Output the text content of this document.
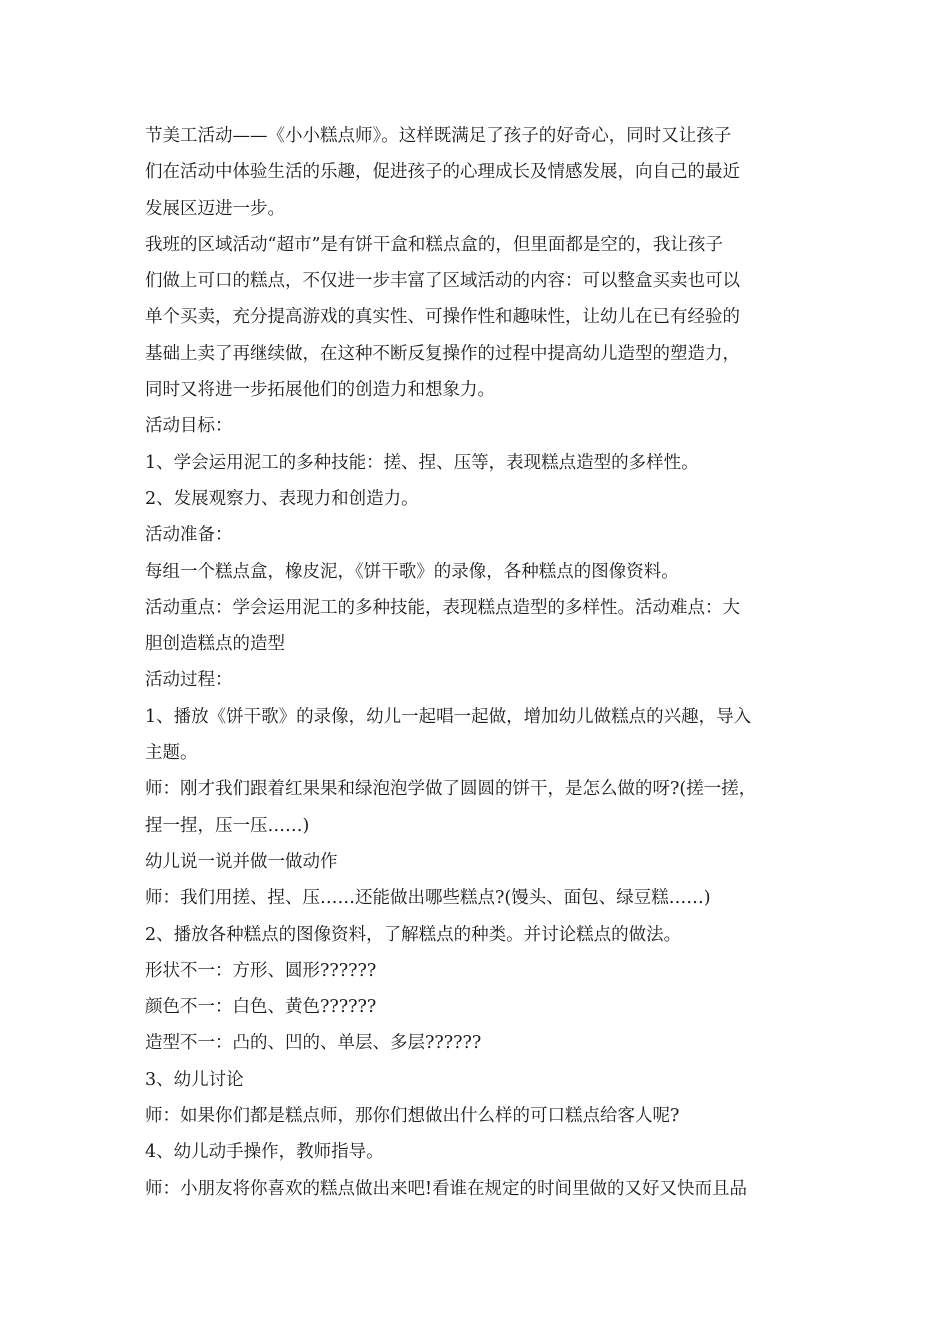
节美工活动——《小小糕点师》。这样既满足了孩子的好奇心，同时又让孩子
们在活动中体验生活的乐趣，促进孩子的心理成长及情感发展，向自己的最近
发展区迈进一步。
我班的区域活动“超市”是有饼干盒和糕点盒的，但里面都是空的，我让孩子
们做上可口的糕点，不仅进一步丰富了区域活动的内容：可以整盒买卖也可以
单个买卖，充分提高游戏的真实性、可操作性和趣味性，让幼儿在已有经验的
基础上卖了再继续做，在这种不断反复操作的过程中提高幼儿造型的塑造力，
同时又将进一步拓展他们的创造力和想象力。
活动目标：
1、学会运用泥工的多种技能：搓、捏、压等，表现糕点造型的多样性。
2、发展观察力、表现力和创造力。
活动准备：
每组一个糕点盒，橡皮泥，《饼干歌》的录像，各种糕点的图像资料。
活动重点：学会运用泥工的多种技能，表现糕点造型的多样性。活动难点：大
胆创造糕点的造型
活动过程：
1、播放《饼干歌》的录像，幼儿一起唱一起做，增加幼儿做糕点的兴趣，导入
主题。
师：刚才我们跟着红果果和绿泡泡学做了圆圆的饼干，是怎么做的呀?(搓一搓，
捏一捏，压一压……)
幼儿说一说并做一做动作
师：我们用搓、捏、压……还能做出哪些糕点?(馒头、面包、绿豆糕……)
2、播放各种糕点的图像资料，了解糕点的种类。并讨论糕点的做法。
形状不一：方形、圆形??????
颜色不一：白色、黄色??????
造型不一：凸的、凹的、单层、多层??????
3、幼儿讨论
师：如果你们都是糕点师，那你们想做出什么样的可口糕点给客人呢?
4、幼儿动手操作，教师指导。
师：小朋友将你喜欢的糕点做出来吧!看谁在规定的时间里做的又好又快而且品
